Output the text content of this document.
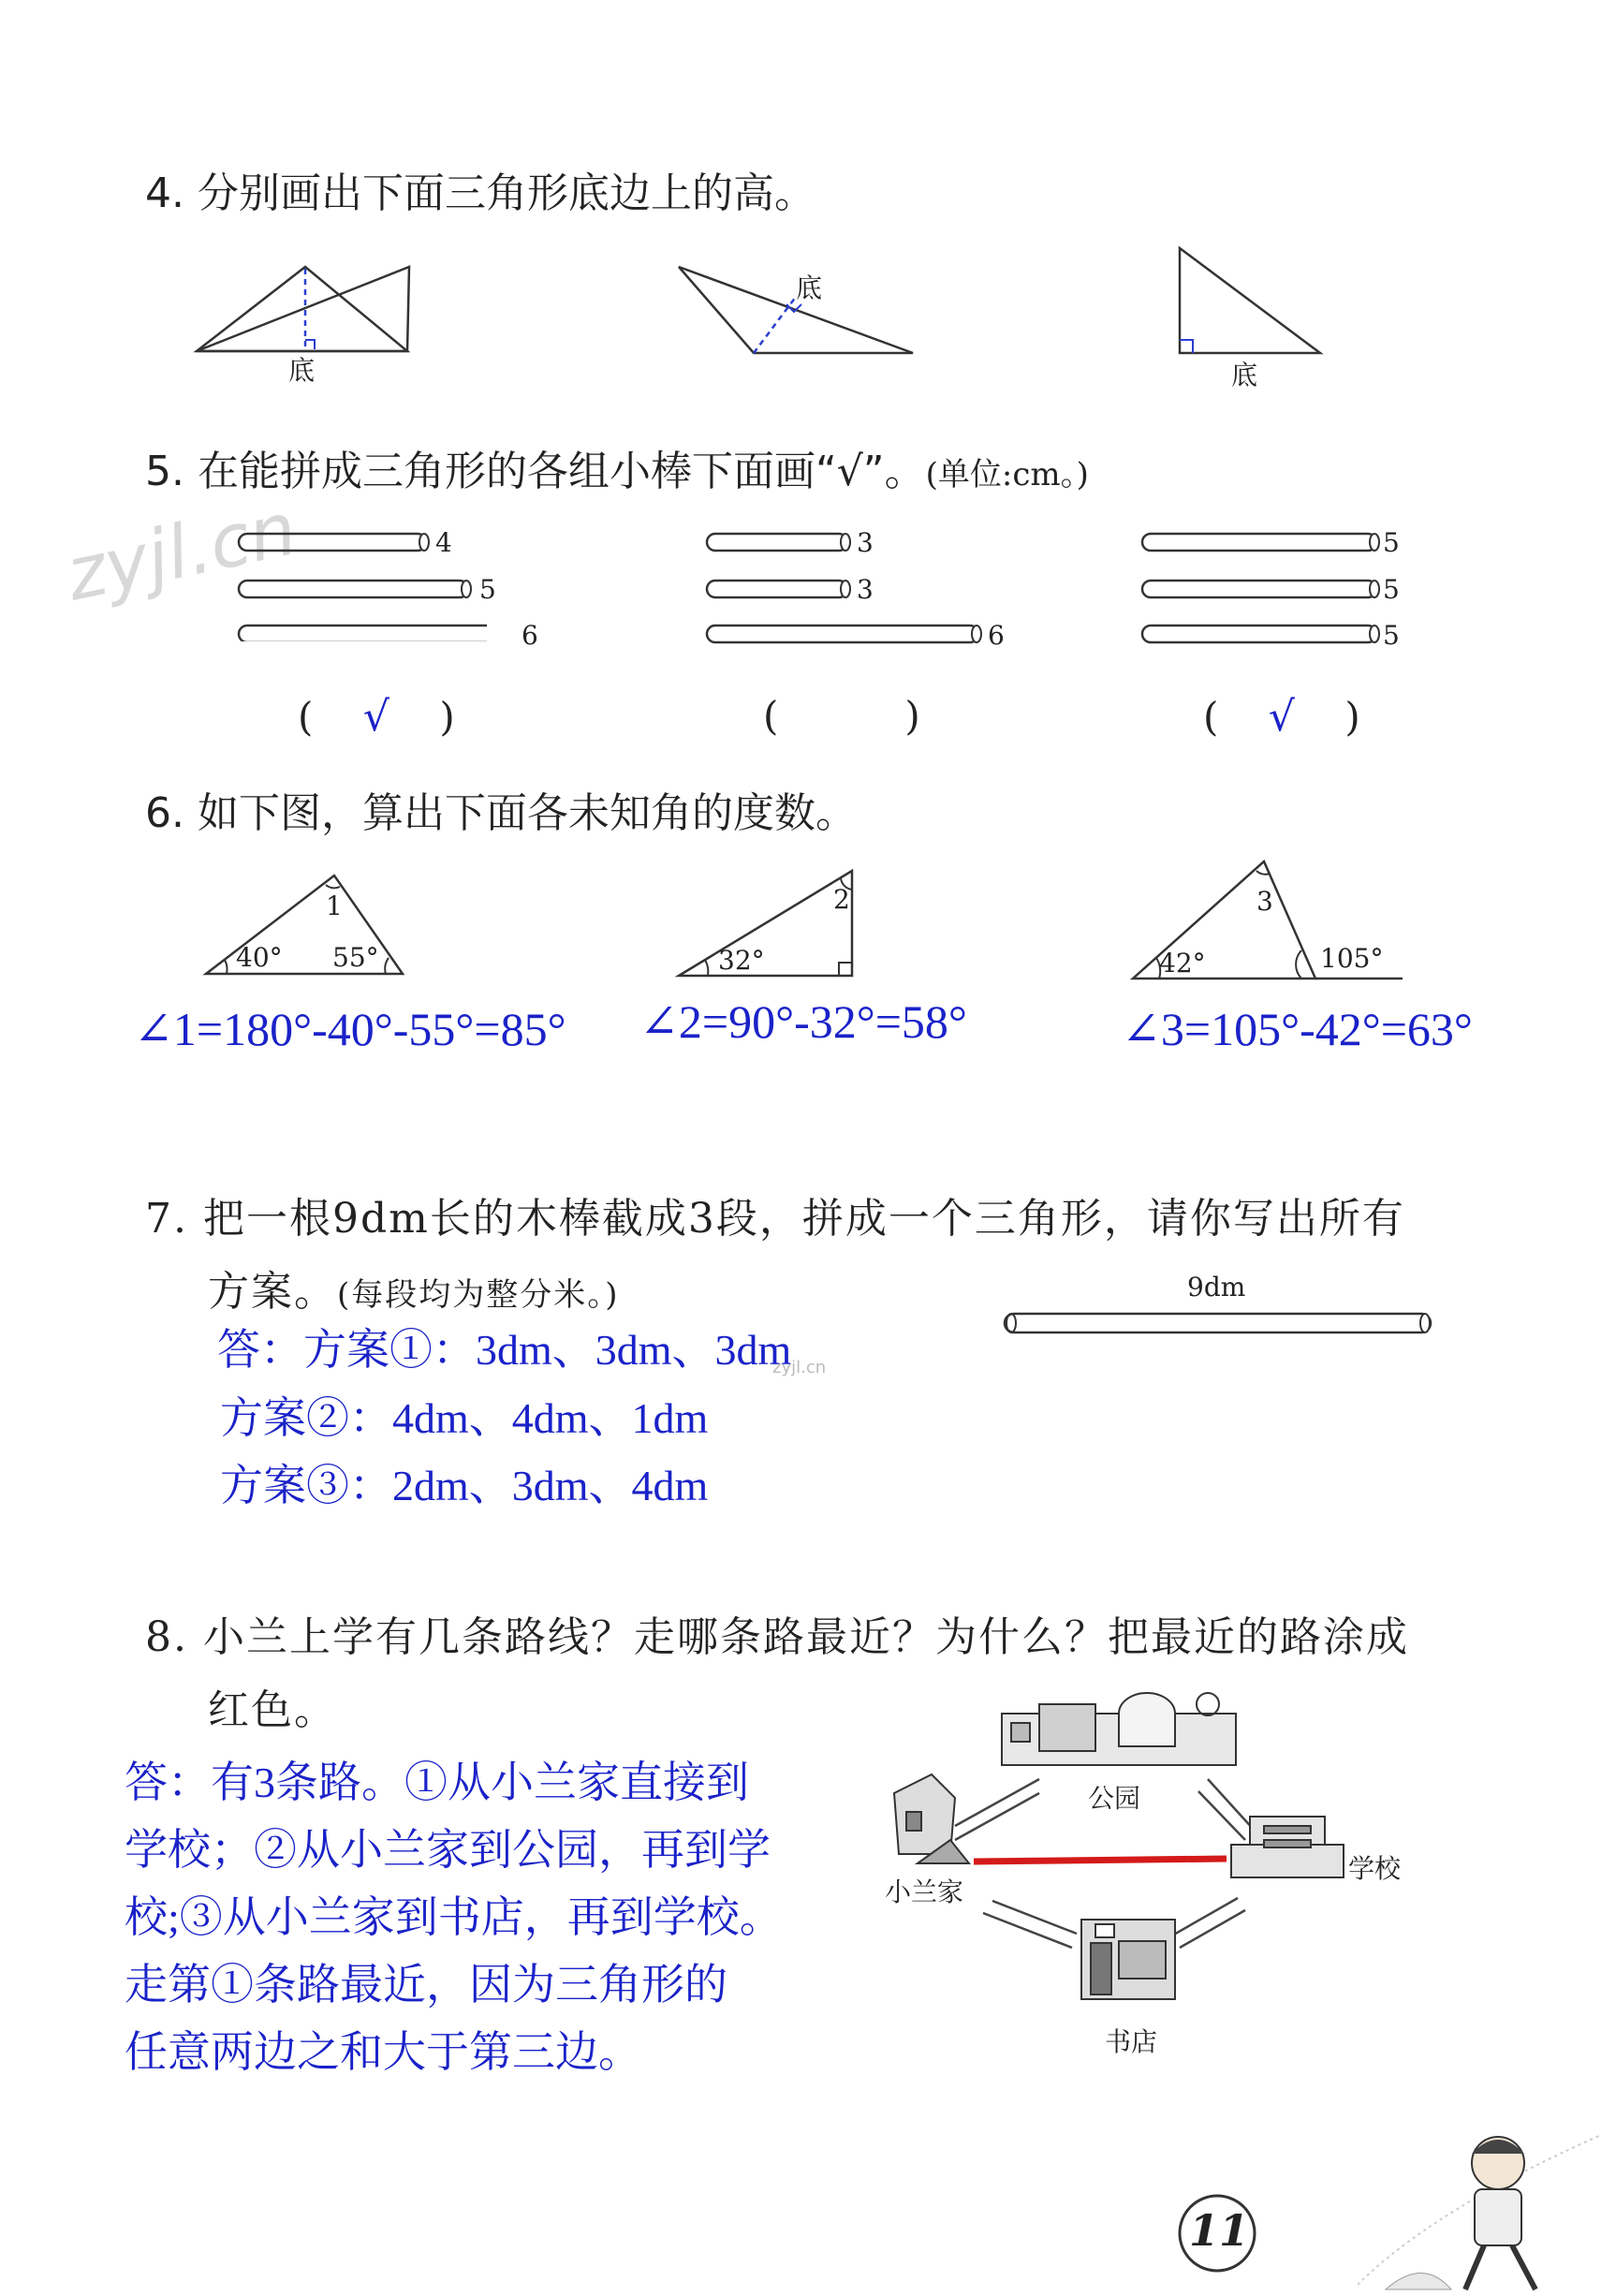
zyjl.cn
zyjl.cn
4. 分别画出下面三角形底边上的高。
底
底
底
5. 在能拼成三角形的各组小棒下面画“√”。(单位:cm。)
4
5
6
3
3
6
5
5
5
( √ )	(	)	( √ )
6. 如下图，算出下面各未知角的度数。
1
40° 55°
2
32°
3
42°	105°
∠1=180°-40°-55°=85° ∠2=90°-32°=58°	∠3=105°-42°=63°
7. 把一根9dm长的木棒截成3段，拼成一个三角形，请你写出所有
方案。(每段均为整分米。)	9dm
答：方案①：3dm、3dm、3dm
方案②：4dm、4dm、1dm
方案③：2dm、3dm、4dm
8. 小兰上学有几条路线？走哪条路最近？为什么？把最近的路涂成
红色。
答：有3条路。①从小兰家直接到
学校；②从小兰家到公园，再到学
校;③从小兰家到书店，再到学校。
走第①条路最近，因为三角形的
任意两边之和大于第三边。
公园
小兰家
学校
书店
11
